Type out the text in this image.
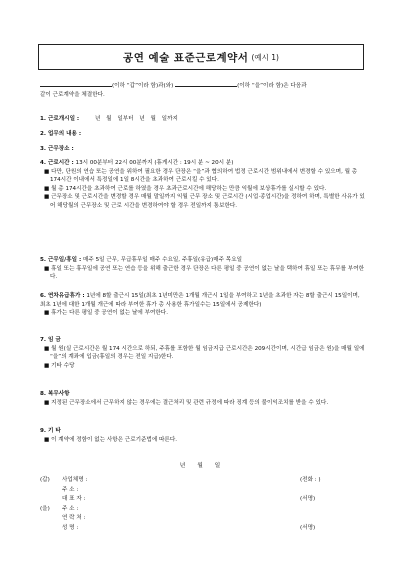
공연 예술 표준근로계약서 (예시 1)
(이하 “갑”이라 함)과(와)	(이하 “을”이라 함)은 다음과
같이 근로계약을 체결한다.
1. 근로개시일 :	년 월 일부터 년 월 일까지
2. 업무의 내용 :
3. 근무장소 :
4. 근로시간 : 13시 00분부터 22시 00분까지 (휴게시간 : 19시 분 ~ 20시 분)
■ 다만, 단원의 연습 또는 공연을 위하여 필요한 경우 단장은 “을”과 협의하여 법정 근로시간 범위내에서 변경할 수 있으며, 월 총 174시간 이내에서 특정일에 1일 8시간을 초과하여 근로시킬 수 있다.
■ 월 총 174시간을 초과하여 근로를 하였을 경우 초과근로시간에 해당하는 만큼 익월에 보상휴가를 실시할 수 있다.
■ 근무장소 및 근로시간을 변경할 경우 매월 말일까지 익월 근무 장소 및 근로시간 (시업·종업시간)을 정하여 하며, 특별한 사유가 있어 해당월의 근무장소 및 근로 시간을 변경하여야 할 경우 전일까지 통보한다.
5. 근무일/휴일 : 매주 5일 근무, 무급휴무일 매주 수요일, 주휴일(유급)매주 목요일
■ 휴일 또는 휴무일에 공연 또는 연습 등을 위해 출근한 경우 단장은 다른 평일 중 공연이 없는 날을 택하여 휴일 또는 휴무를 부여한다.
6. 연차유급휴가 : 1년에 8할 출근시 15일(최초 1년미만은 1개월 개근시 1일을 부여하고 1년을 초과한 자는 8할 출근시 15일이며, 최초 1년에 대한 1개월 개근에 따라 부여한 휴가 총 사용한 휴가일수는 15일에서 공제한다)
■ 휴가는 다른 평일 중 공연이 없는 날에 부여한다.
7. 임 금
■ 월 원(실 근로시간은 월 174 시간으로 하되, 주휴를 포함한 월 임금지급 근로시간은 209시간이며, 시간급 임금은 원)을 매월 일에 “을”의 계좌에 입금(휴일의 경우는 전일 지급)한다.
■ 기타 수당
8. 복무사항
■ 지정된 근무장소에서 근무하지 않는 경우에는 결근처리 및 관련 규정에 따라 징계 등의 불이익조치를 받을 수 있다.
9. 기 타
■ 이 계약에 정함이 없는 사항은 근로기준법에 따른다.
년 월 일
(갑)	사업체명 :	(전화 : )
주 소 :
대 표 자 :	(서명)
(을)	주 소 :
연 락 처 :
성 명 :	(서명)
